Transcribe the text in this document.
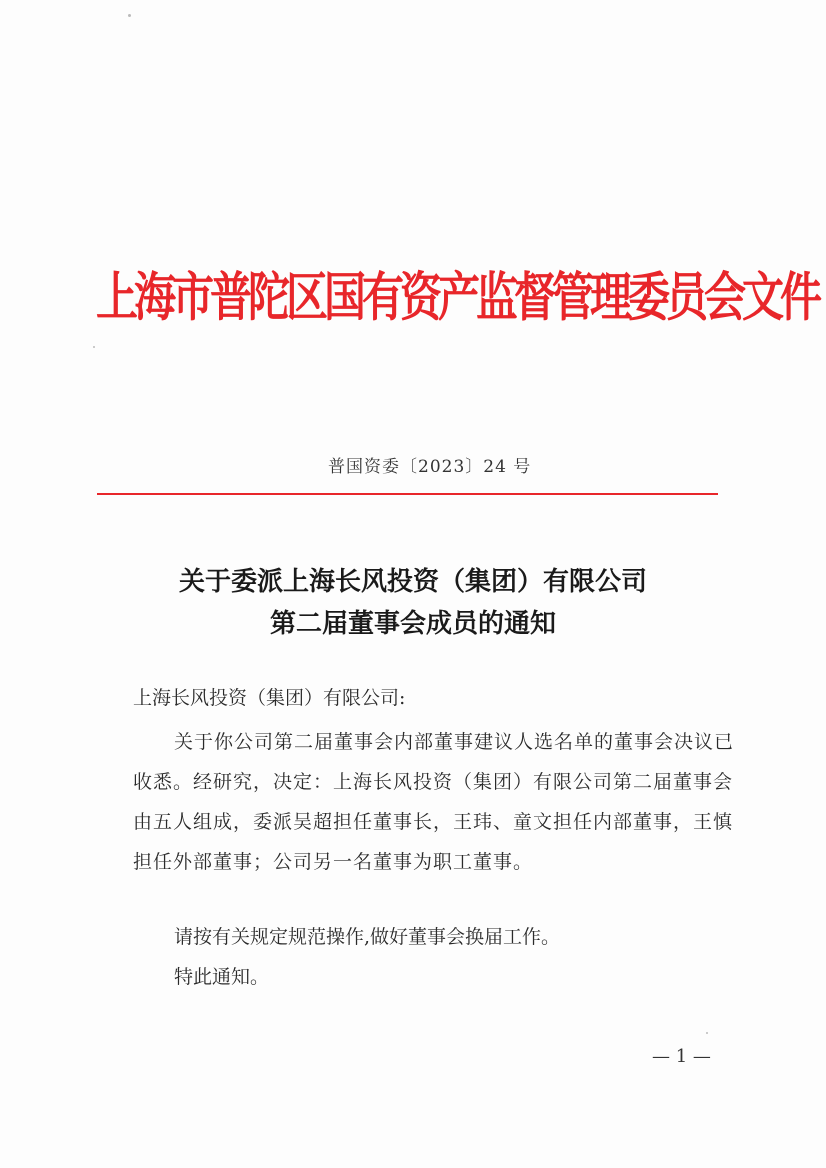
上海市普陀区国有资产监督管理委员会文件
普国资委〔2023〕24 号
关于委派上海长风投资（集团）有限公司
第二届董事会成员的通知
上海长风投资（集团）有限公司:
关于你公司第二届董事会内部董事建议人选名单的董事会决议已收悉。经研究，决定：上海长风投资（集团）有限公司第二届董事会由五人组成，委派吴超担任董事长，王玮、童文担任内部董事，王慎担任外部董事；公司另一名董事为职工董事。
请按有关规定规范操作,做好董事会换届工作。
特此通知。
— 1 —
